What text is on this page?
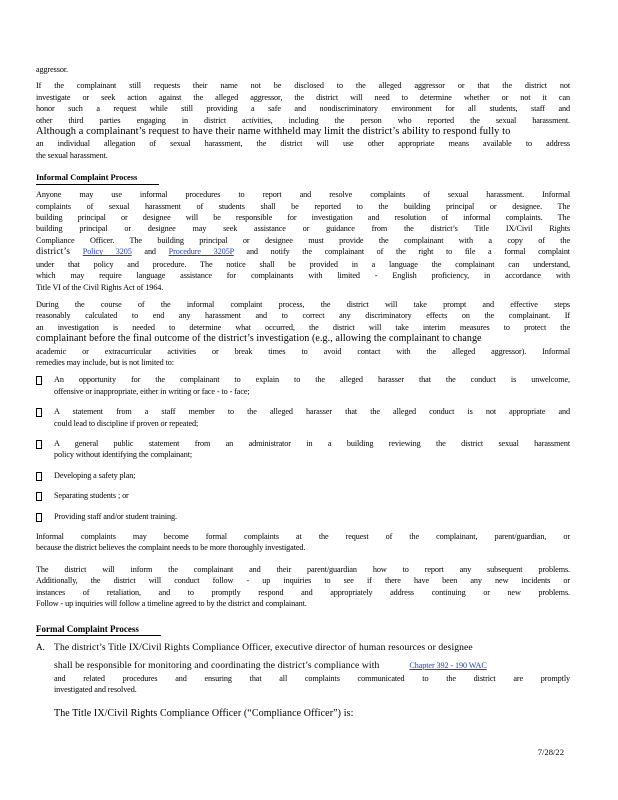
aggressor.
If the complainant still requests their name not be disclosed to the alleged aggressor or that the district not
investigate or seek action against the alleged aggressor, the district will need to determine whether or not it can
honor such a request while still providing a safe and nondiscriminatory environment for all students, staff and
other third parties engaging in district activities, including the person who reported the sexual harassment.
Although a complainant’s request to have their name withheld may limit the district’s ability to respond fully to
an individual allegation of sexual harassment, the district will use other appropriate means available to address
the sexual harassment.
Informal Complaint Process
Anyone may use informal procedures to report and resolve complaints of sexual harassment. Informal
complaints of sexual harassment of students shall be reported to the building principal or designee. The
building principal or designee will be responsible for investigation and resolution of informal complaints. The
building principal or designee may seek assistance or guidance from the district’s Title IX/Civil Rights
Compliance Officer. The building principal or designee must provide the complainant with a copy of the
district’s Policy 3205 and Procedure 3205P and notify the complainant of the right to file a formal complaint
under that policy and procedure. The notice shall be provided in a language the complainant can understand,
which may require language assistance for complainants with limited - English proficiency, in accordance with
Title VI of the Civil Rights Act of 1964.
During the course of the informal complaint process, the district will take prompt and effective steps
reasonably calculated to end any harassment and to correct any discriminatory effects on the complainant. If
an investigation is needed to determine what occurred, the district will take interim measures to protect the
complainant before the final outcome of the district’s investigation (e.g., allowing the complainant to change
academic or extracurricular activities or break times to avoid contact with the alleged aggressor). Informal
remedies may include, but is not limited to:
An opportunity for the complainant to explain to the alleged harasser that the conduct is unwelcome,
offensive or inappropriate, either in writing or face - to - face;
A statement from a staff member to the alleged harasser that the alleged conduct is not appropriate and
could lead to discipline if proven or repeated;
A general public statement from an administrator in a building reviewing the district sexual harassment
policy without identifying the complainant;
Developing a safety plan;
Separating students ; or
Providing staff and/or student training.
Informal complaints may become formal complaints at the request of the complainant, parent/guardian, or
because the district believes the complaint needs to be more thoroughly investigated.
The district will inform the complainant and their parent/guardian how to report any subsequent problems.
Additionally, the district will conduct follow - up inquiries to see if there have been any new incidents or
instances of retaliation, and to promptly respond and appropriately address continuing or new problems.
Follow - up inquiries will follow a timeline agreed to by the district and complainant.
Formal Complaint Process
A. The district’s Title IX/Civil Rights Compliance Officer, executive director of human resources or designee
shall be responsible for monitoring and coordinating the district’s compliance with	Chapter 392 - 190 WAC
and related procedures and ensuring that all complaints communicated to the district are promptly
investigated and resolved.
The Title IX/Civil Rights Compliance Officer (“Compliance Officer”) is:
7/28/22
